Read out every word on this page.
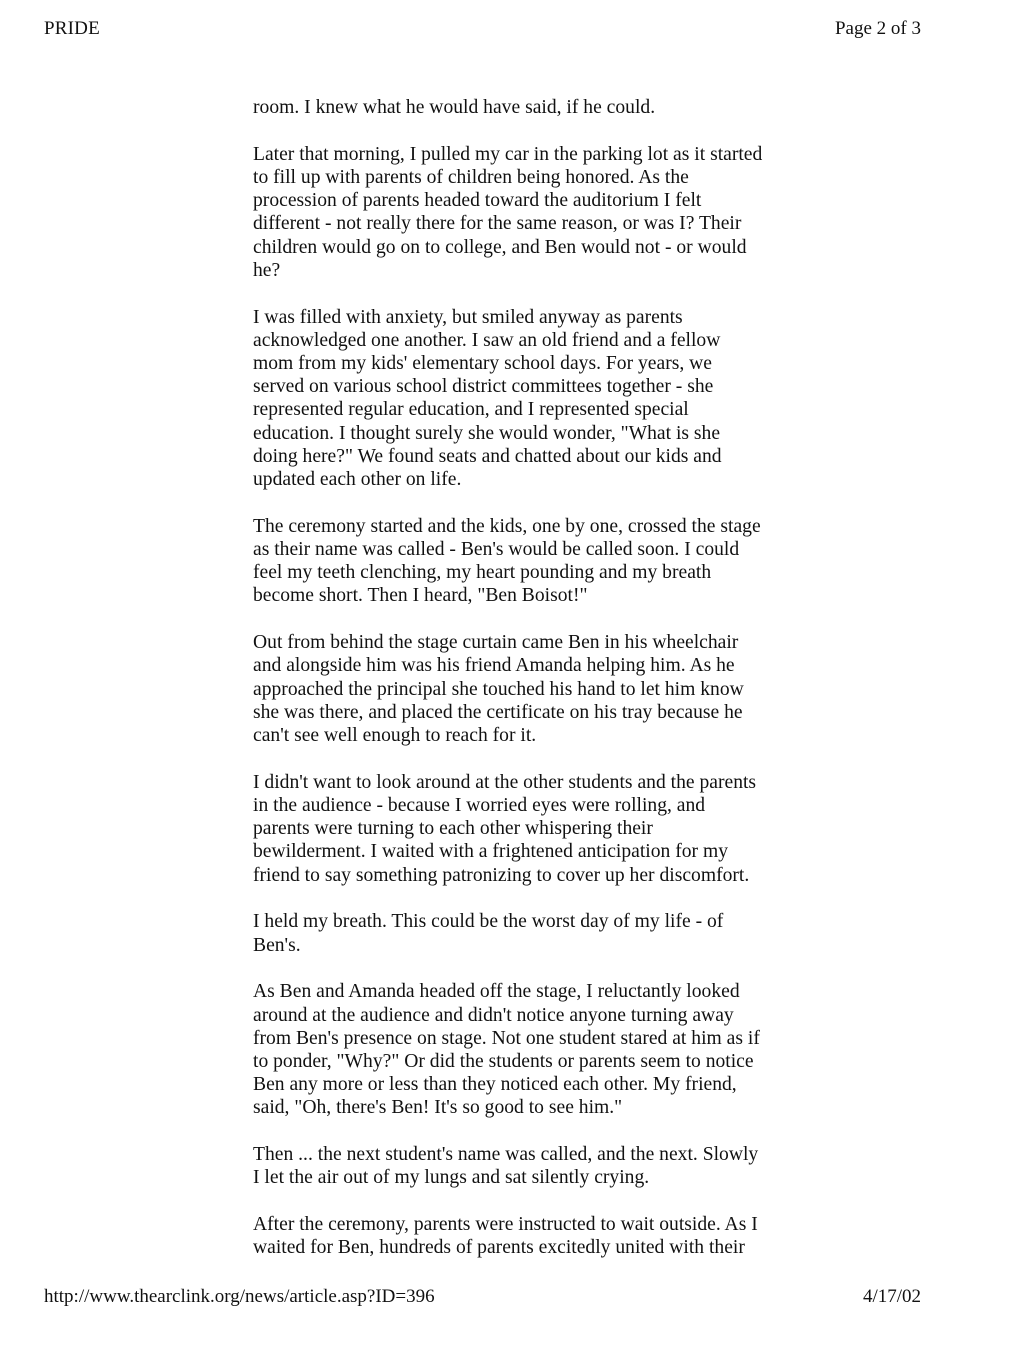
PRIDE	Page 2 of 3

room. I knew what he would have said, if he could.

Later that morning, I pulled my car in the parking lot as it started
to fill up with parents of children being honored. As the
procession of parents headed toward the auditorium I felt
different - not really there for the same reason, or was I? Their
children would go on to college, and Ben would not - or would
he?

I was filled with anxiety, but smiled anyway as parents
acknowledged one another. I saw an old friend and a fellow
mom from my kids' elementary school days. For years, we
served on various school district committees together - she
represented regular education, and I represented special
education. I thought surely she would wonder, "What is she
doing here?" We found seats and chatted about our kids and
updated each other on life.

The ceremony started and the kids, one by one, crossed the stage
as their name was called - Ben's would be called soon. I could
feel my teeth clenching, my heart pounding and my breath
become short. Then I heard, "Ben Boisot!"

Out from behind the stage curtain came Ben in his wheelchair
and alongside him was his friend Amanda helping him. As he
approached the principal she touched his hand to let him know
she was there, and placed the certificate on his tray because he
can't see well enough to reach for it.

I didn't want to look around at the other students and the parents
in the audience - because I worried eyes were rolling, and
parents were turning to each other whispering their
bewilderment. I waited with a frightened anticipation for my
friend to say something patronizing to cover up her discomfort.

I held my breath. This could be the worst day of my life - of
Ben's.

As Ben and Amanda headed off the stage, I reluctantly looked
around at the audience and didn't notice anyone turning away
from Ben's presence on stage. Not one student stared at him as if
to ponder, "Why?" Or did the students or parents seem to notice
Ben any more or less than they noticed each other. My friend,
said, "Oh, there's Ben! It's so good to see him."

Then ... the next student's name was called, and the next. Slowly
I let the air out of my lungs and sat silently crying.

After the ceremony, parents were instructed to wait outside. As I
waited for Ben, hundreds of parents excitedly united with their

http://www.thearclink.org/news/article.asp?ID=396	4/17/02
